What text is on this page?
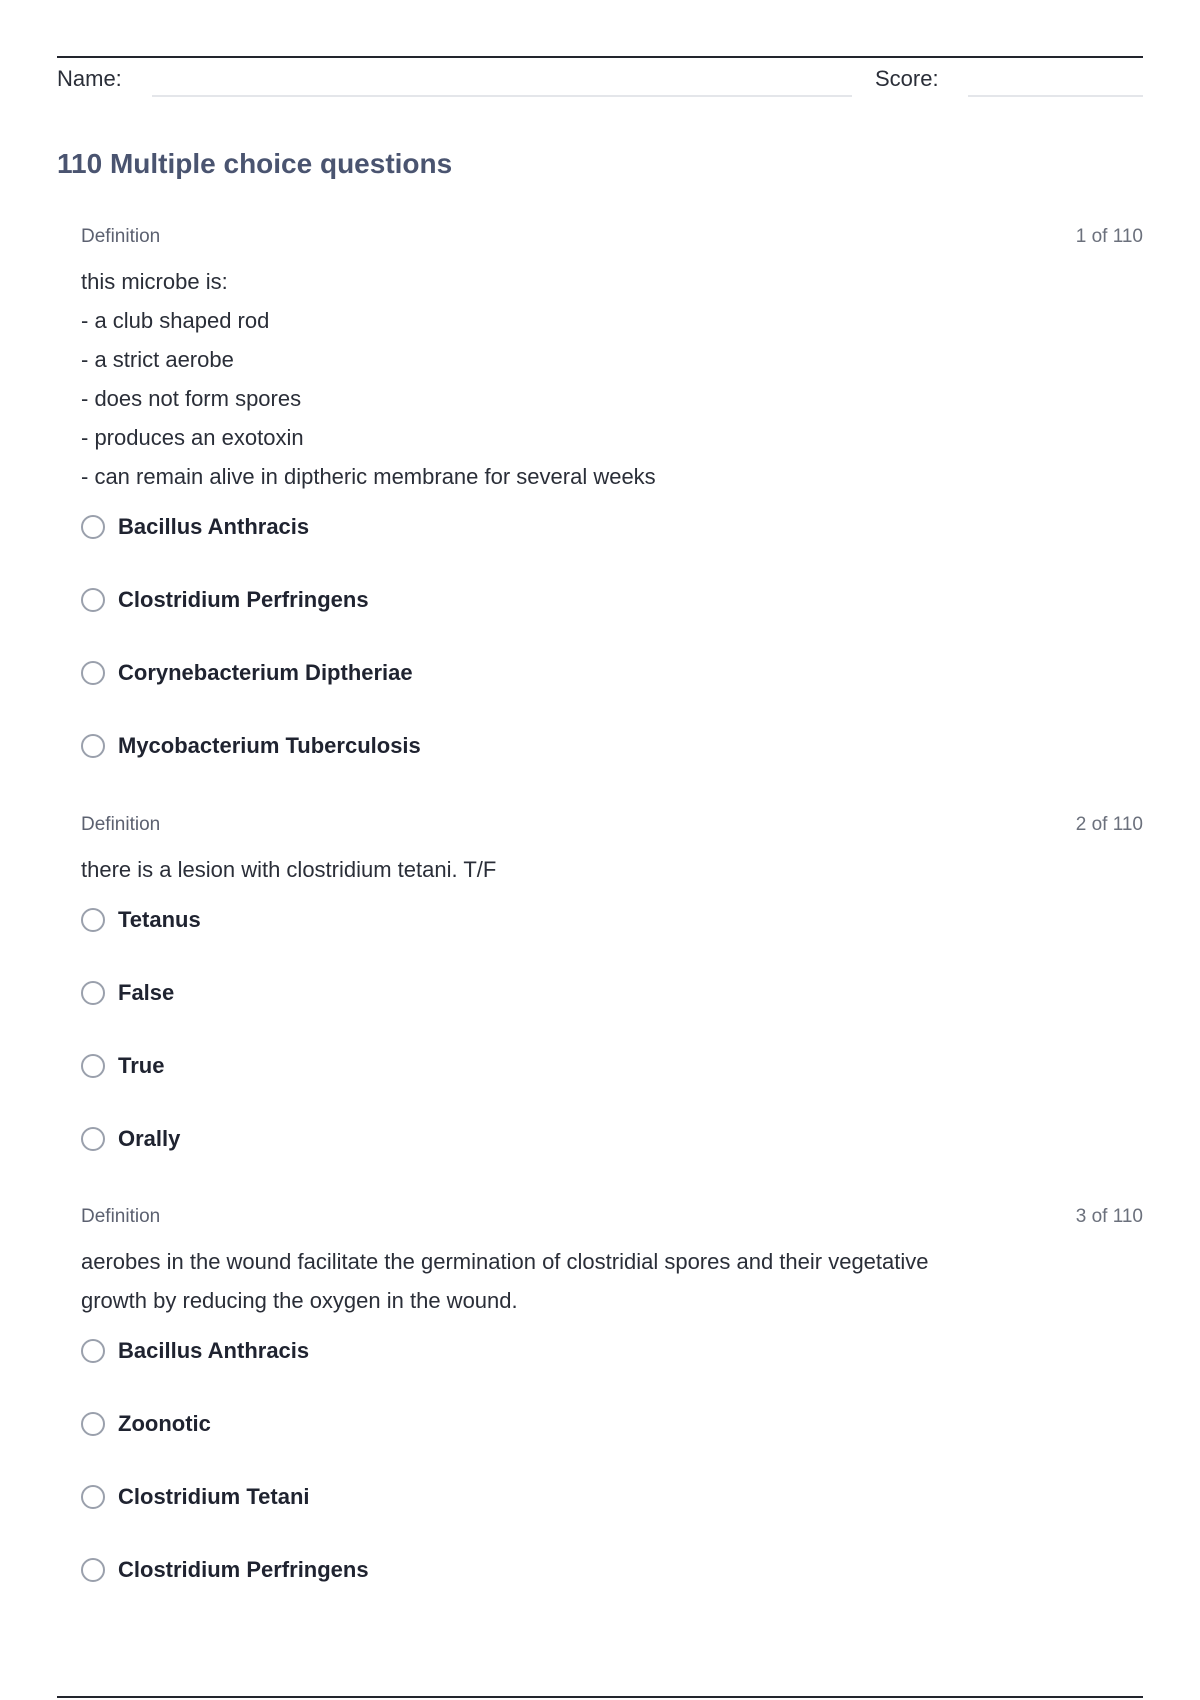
Name:	Score:
110 Multiple choice questions
Definition	1 of 110
this microbe is:
- a club shaped rod
- a strict aerobe
- does not form spores
- produces an exotoxin
- can remain alive in diptheric membrane for several weeks
Bacillus Anthracis
Clostridium Perfringens
Corynebacterium Diptheriae
Mycobacterium Tuberculosis
Definition	2 of 110
there is a lesion with clostridium tetani. T/F
Tetanus
False
True
Orally
Definition	3 of 110
aerobes in the wound facilitate the germination of clostridial spores and their vegetative
growth by reducing the oxygen in the wound.
Bacillus Anthracis
Zoonotic
Clostridium Tetani
Clostridium Perfringens
